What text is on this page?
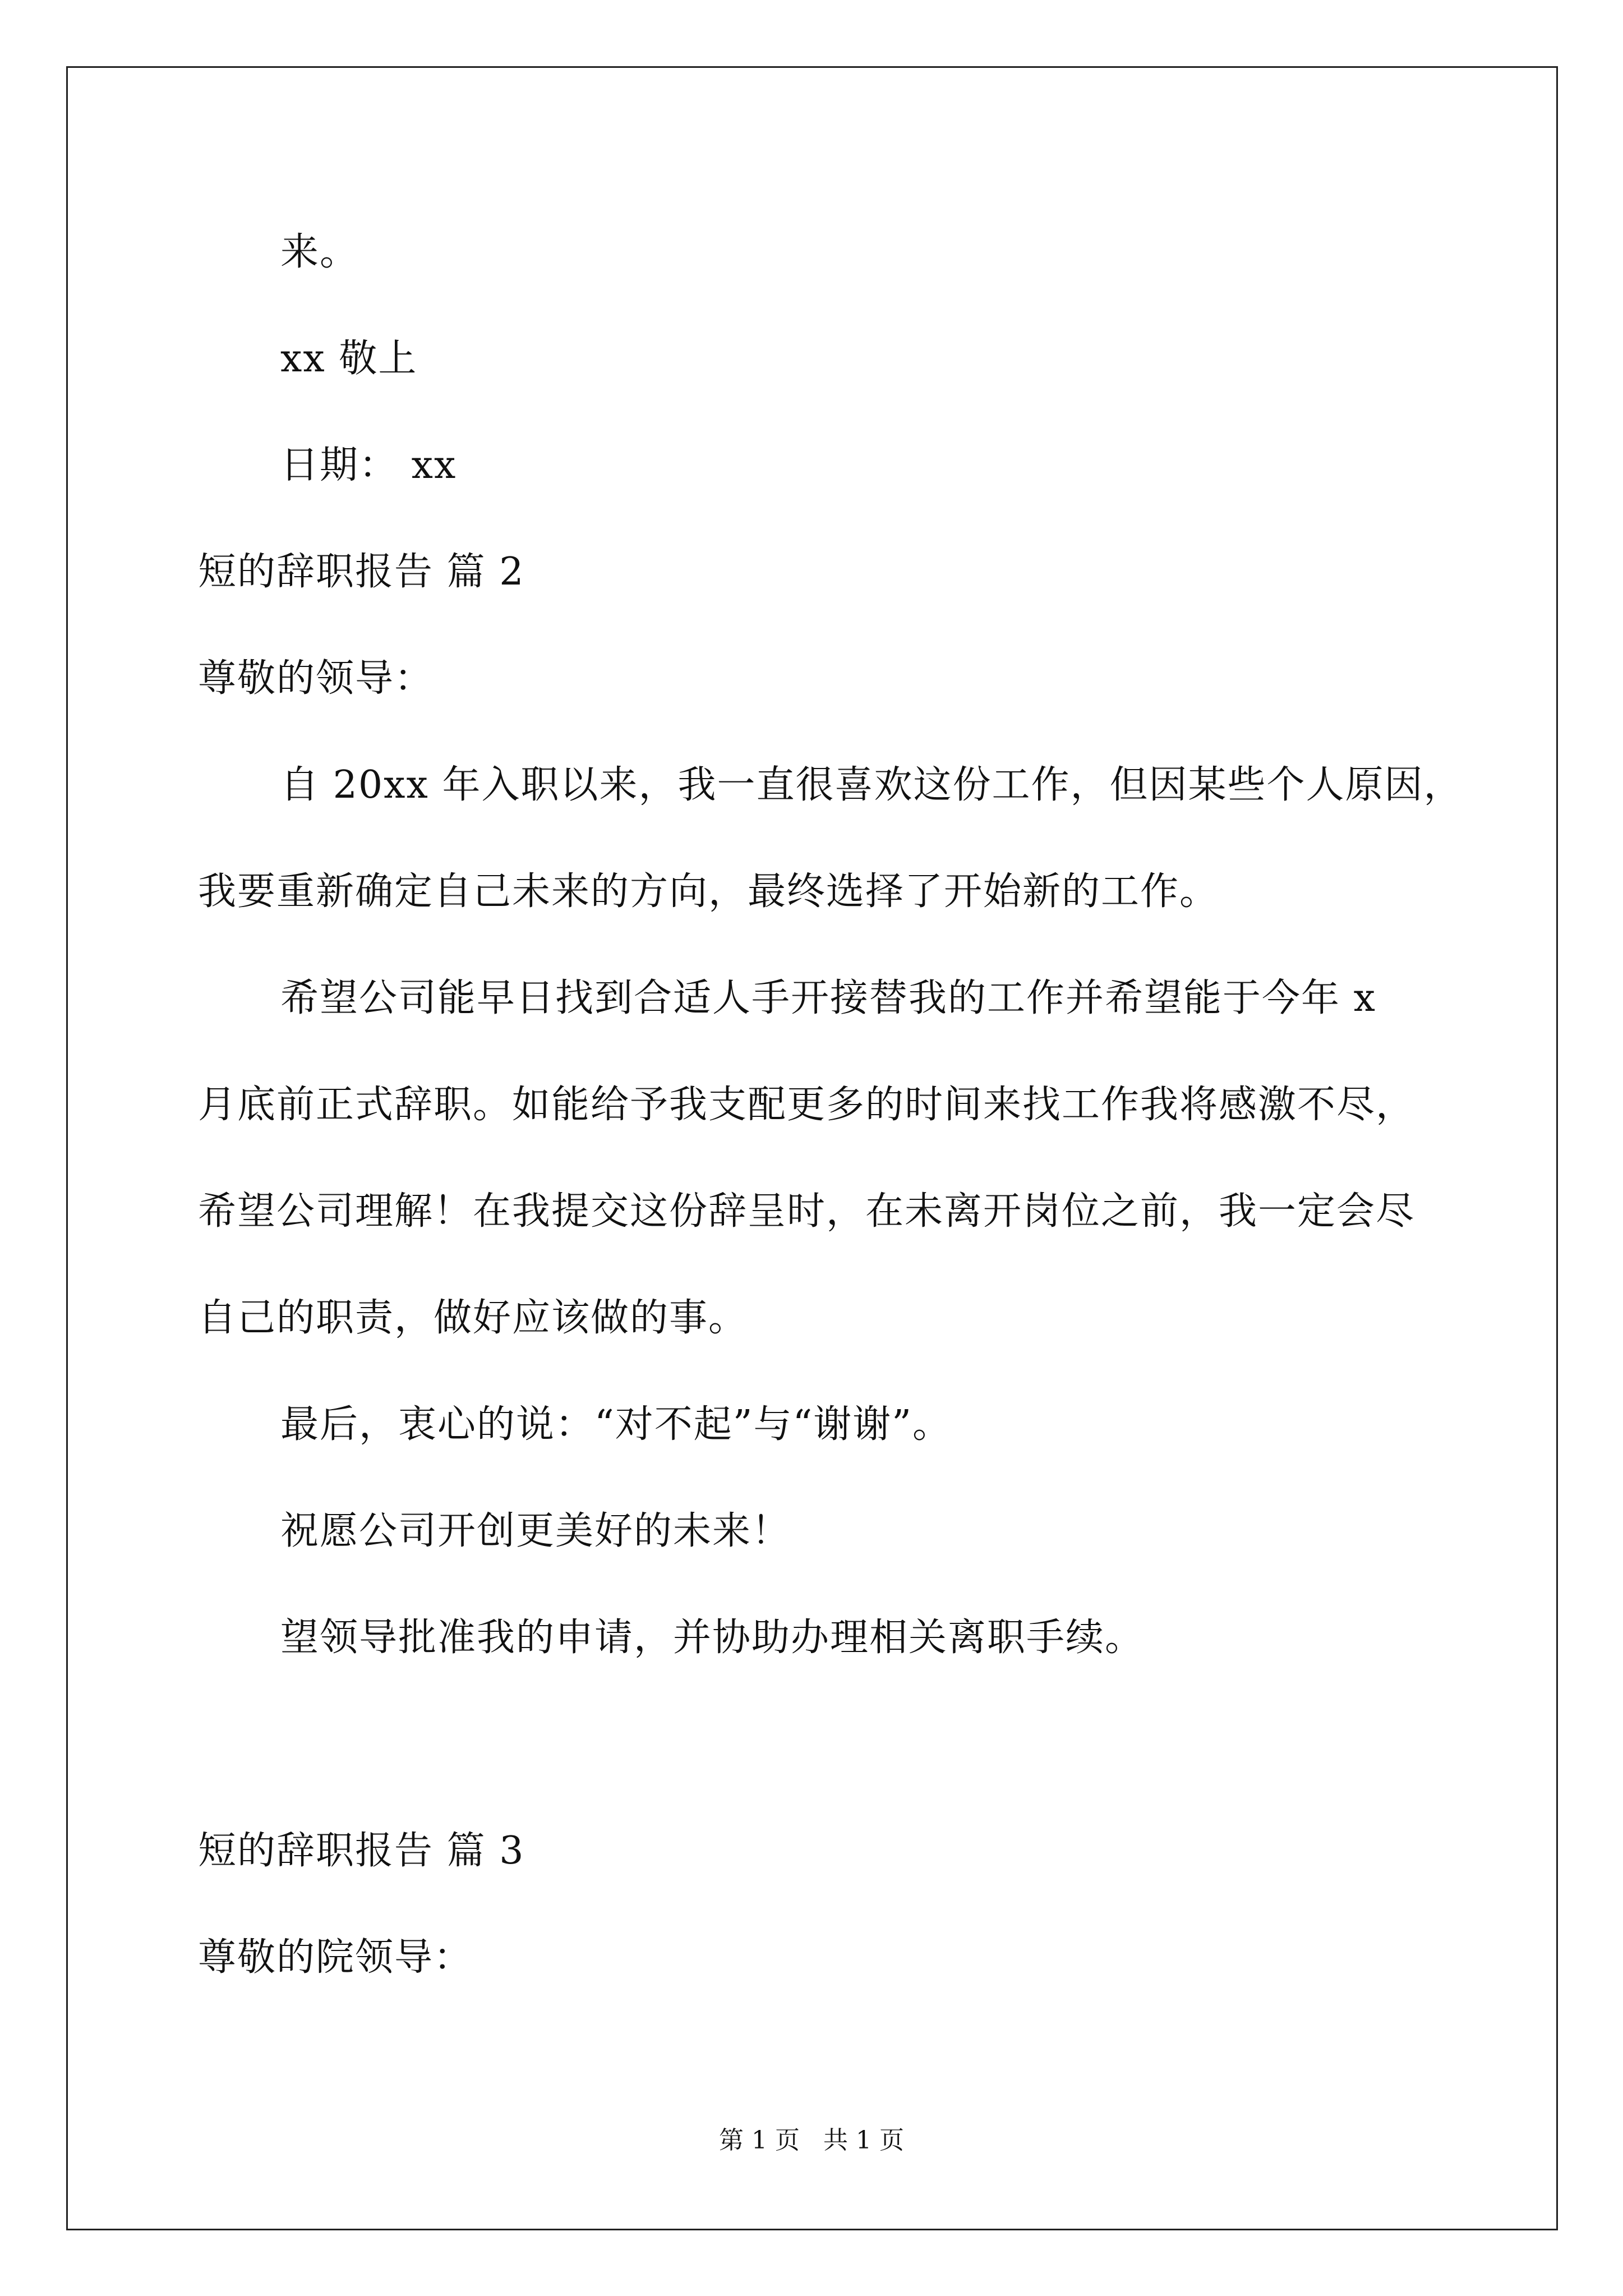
来。
xx 敬上
日期： xx
短的辞职报告 篇 2
尊敬的领导：
自 20xx 年入职以来，我一直很喜欢这份工作，但因某些个人原因，
我要重新确定自己未来的方向，最终选择了开始新的工作。
希望公司能早日找到合适人手开接替我的工作并希望能于今年 x
月底前正式辞职。如能给予我支配更多的时间来找工作我将感激不尽，
希望公司理解！在我提交这份辞呈时，在未离开岗位之前，我一定会尽
自己的职责，做好应该做的事。
最后，衷心的说：“对不起”与“谢谢”。
祝愿公司开创更美好的未来！
望领导批准我的申请，并协助办理相关离职手续。
短的辞职报告 篇 3
尊敬的院领导：
第 1 页   共 1 页
